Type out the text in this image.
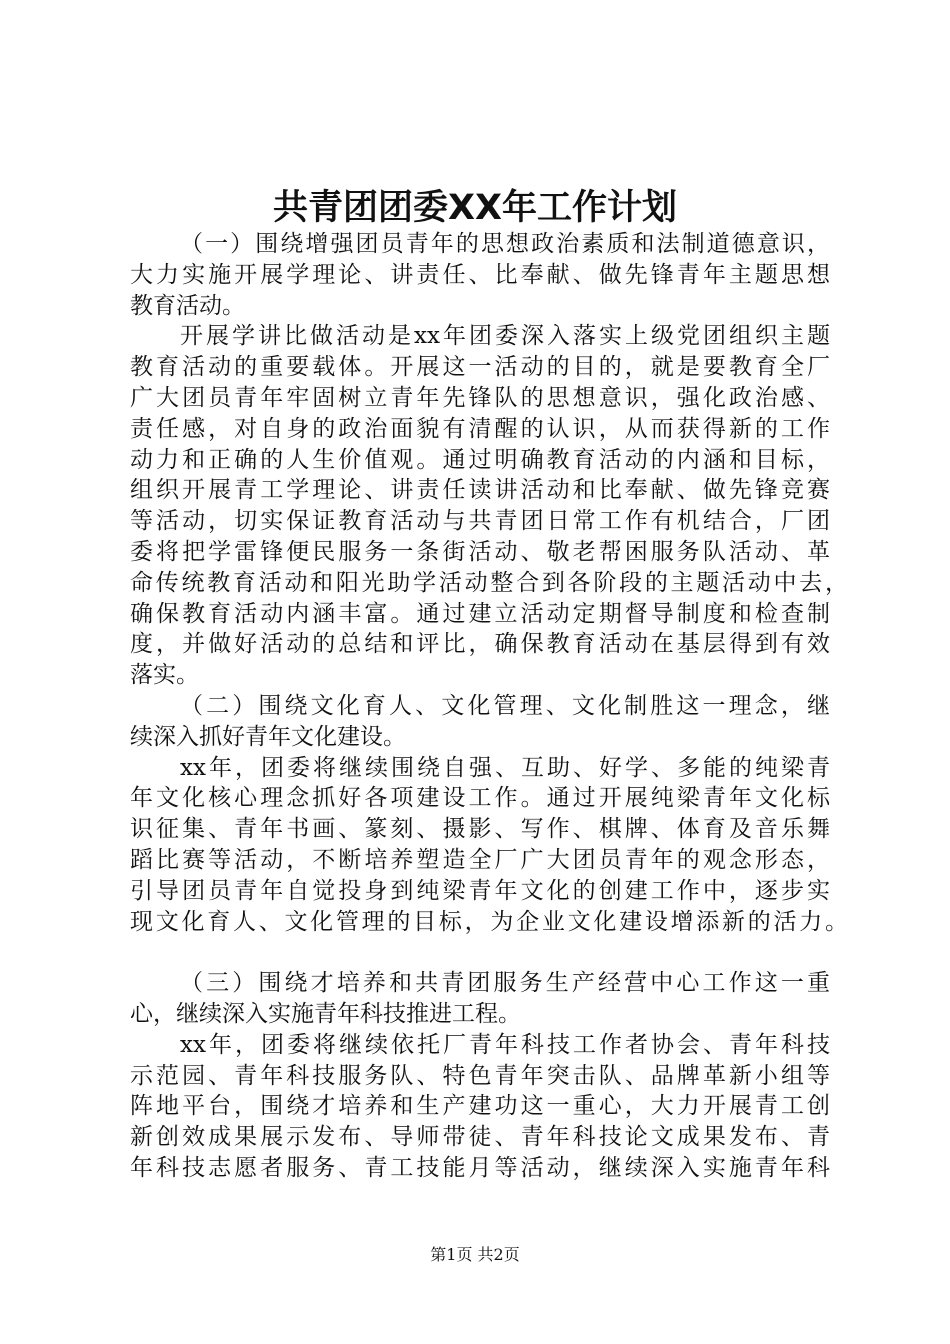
共青团团委XX年工作计划
（一）围绕增强团员青年的思想政治素质和法制道德意识，
大力实施开展学理论、讲责任、比奉献、做先锋青年主题思想
教育活动。
开展学讲比做活动是xx年团委深入落实上级党团组织主题
教育活动的重要载体。开展这一活动的目的，就是要教育全厂
广大团员青年牢固树立青年先锋队的思想意识，强化政治感、
责任感，对自身的政治面貌有清醒的认识，从而获得新的工作
动力和正确的人生价值观。通过明确教育活动的内涵和目标，
组织开展青工学理论、讲责任读讲活动和比奉献、做先锋竞赛
等活动，切实保证教育活动与共青团日常工作有机结合，厂团
委将把学雷锋便民服务一条街活动、敬老帮困服务队活动、革
命传统教育活动和阳光助学活动整合到各阶段的主题活动中去，
确保教育活动内涵丰富。通过建立活动定期督导制度和检查制
度，并做好活动的总结和评比，确保教育活动在基层得到有效
落实。
（二）围绕文化育人、文化管理、文化制胜这一理念，继
续深入抓好青年文化建设。
xx年，团委将继续围绕自强、互助、好学、多能的纯梁青
年文化核心理念抓好各项建设工作。通过开展纯梁青年文化标
识征集、青年书画、篆刻、摄影、写作、棋牌、体育及音乐舞
蹈比赛等活动，不断培养塑造全厂广大团员青年的观念形态，
引导团员青年自觉投身到纯梁青年文化的创建工作中，逐步实
现文化育人、文化管理的目标，为企业文化建设增添新的活力。
（三）围绕才培养和共青团服务生产经营中心工作这一重
心，继续深入实施青年科技推进工程。
xx年，团委将继续依托厂青年科技工作者协会、青年科技
示范园、青年科技服务队、特色青年突击队、品牌革新小组等
阵地平台，围绕才培养和生产建功这一重心，大力开展青工创
新创效成果展示发布、导师带徒、青年科技论文成果发布、青
年科技志愿者服务、青工技能月等活动，继续深入实施青年科
第1页 共2页
